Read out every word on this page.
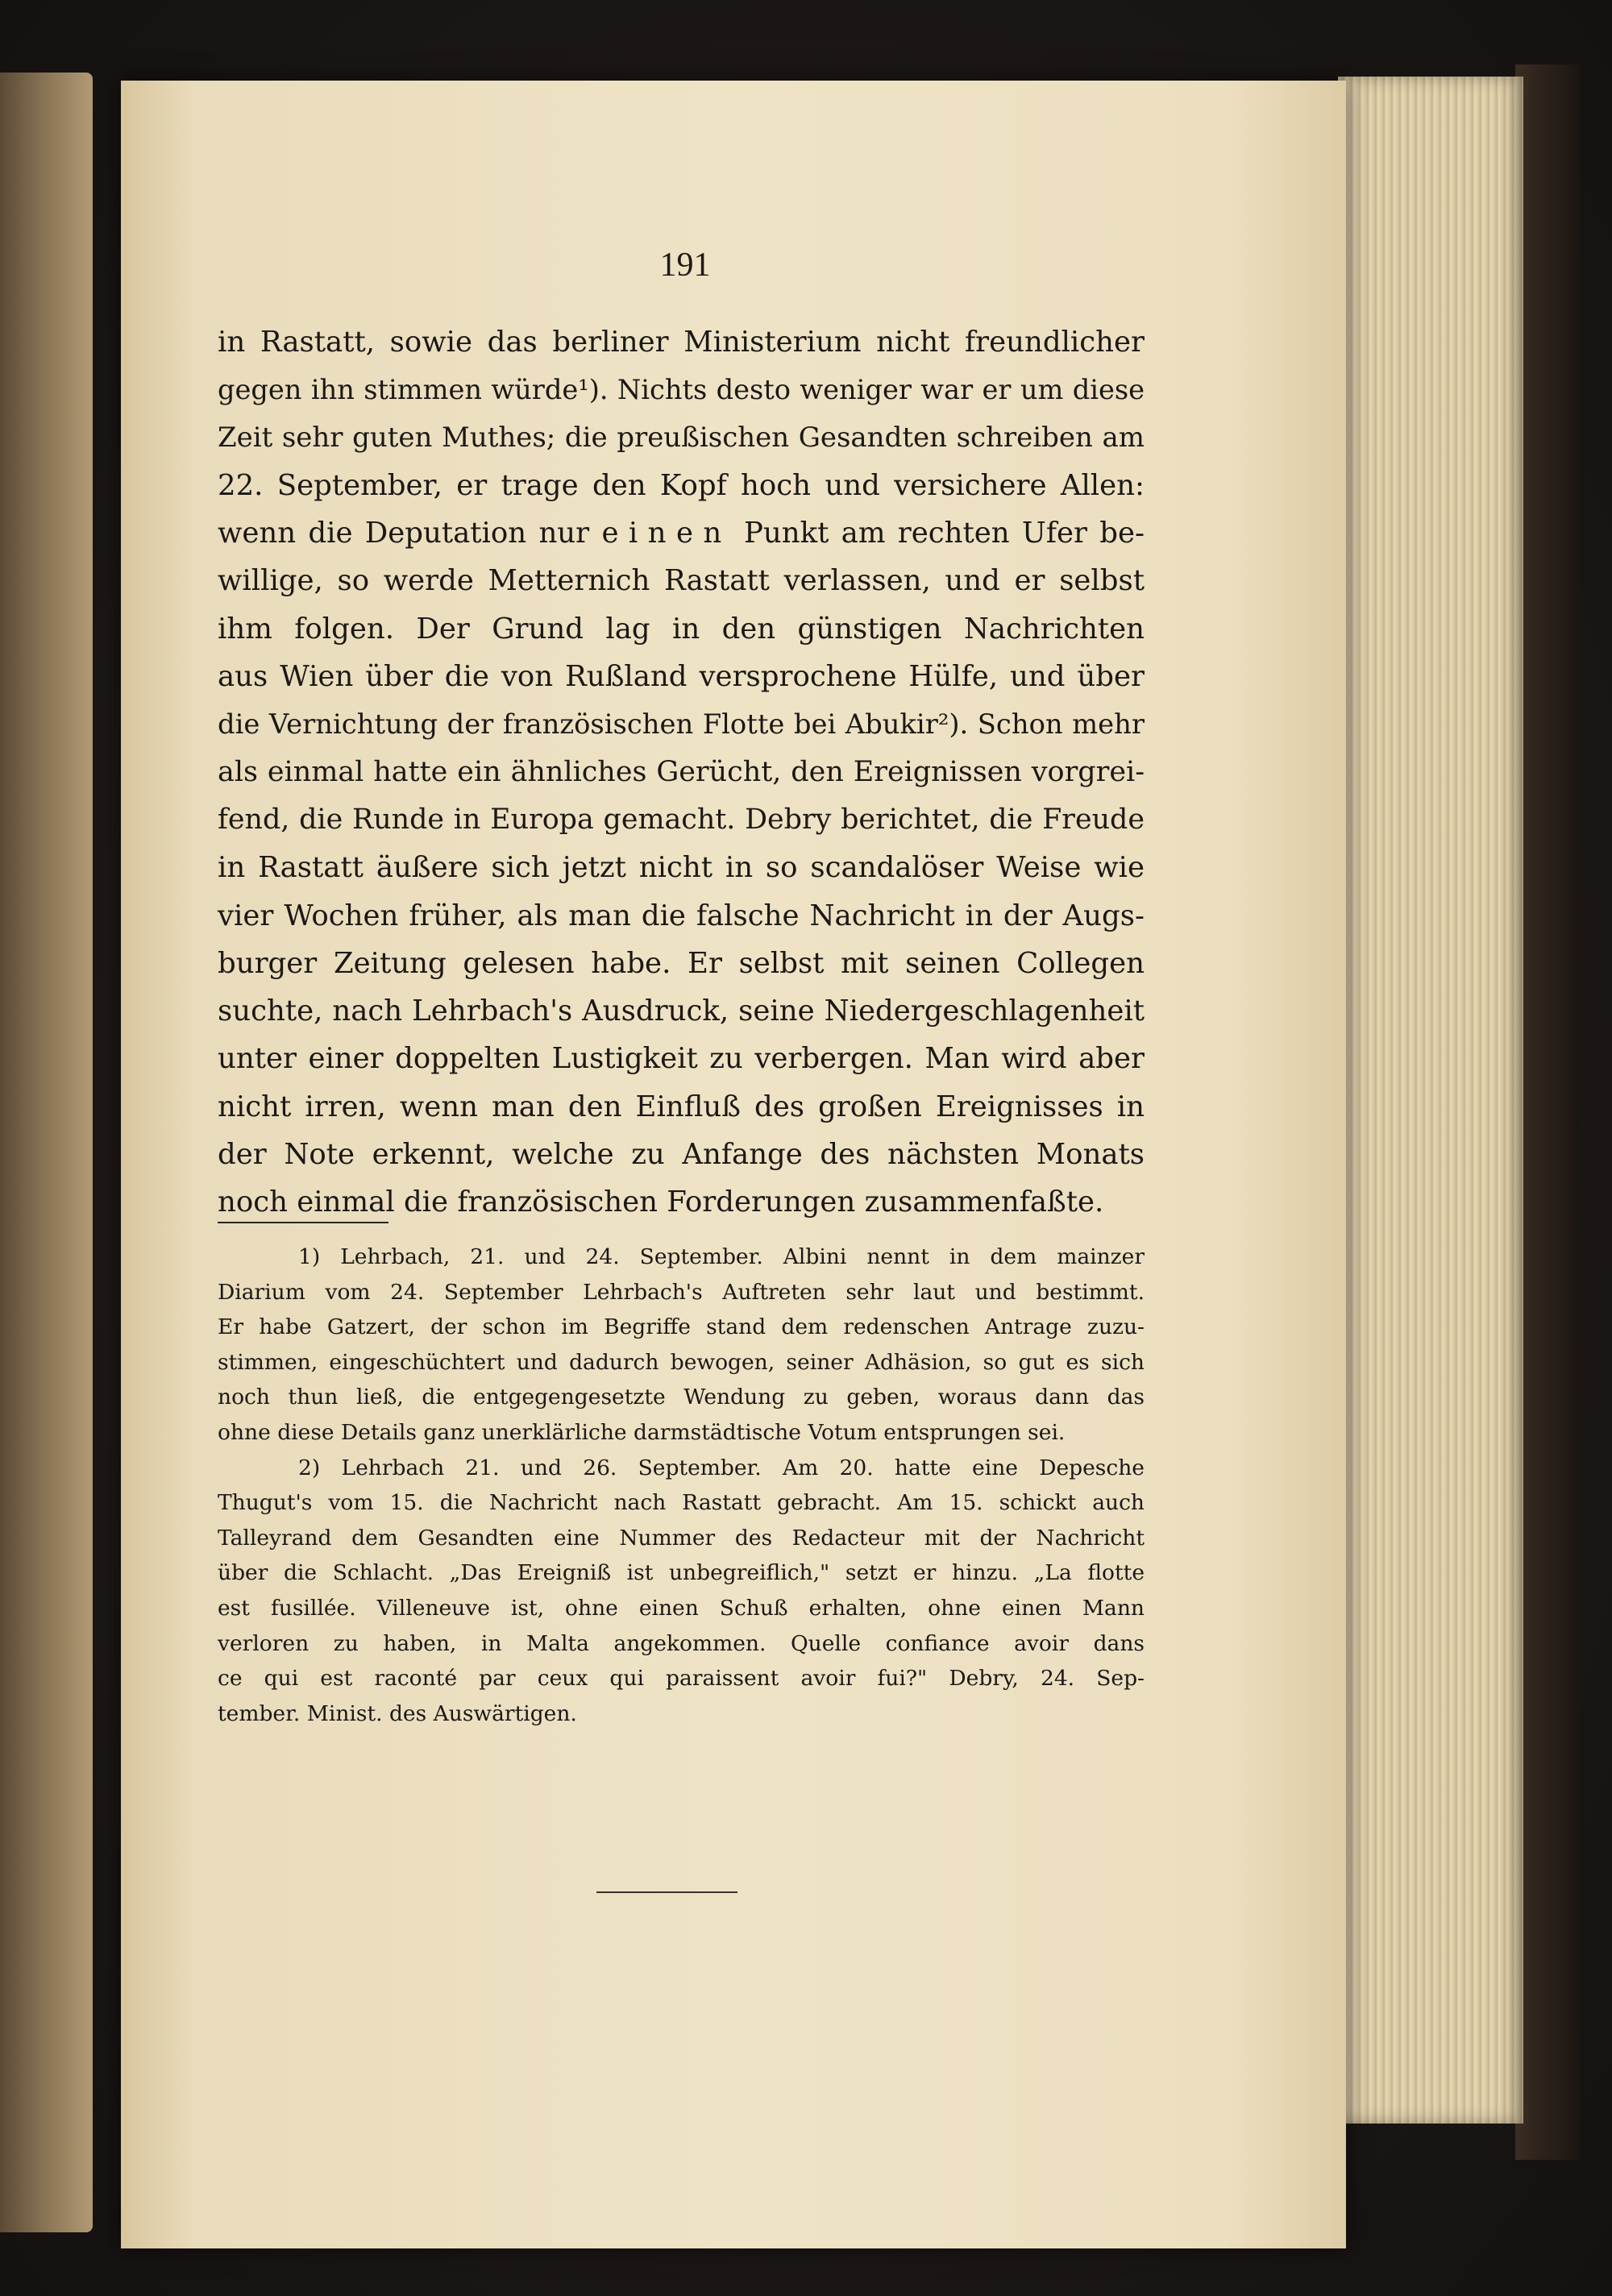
191
in Rastatt, sowie das berliner Ministerium nicht freundlicher
gegen ihn stimmen würde¹). Nichts desto weniger war er um diese
Zeit sehr guten Muthes; die preußischen Gesandten schreiben am
22. September, er trage den Kopf hoch und versichere Allen:
wenn die Deputation nur einen Punkt am rechten Ufer be-
willige, so werde Metternich Rastatt verlassen, und er selbst
ihm folgen. Der Grund lag in den günstigen Nachrichten
aus Wien über die von Rußland versprochene Hülfe, und über
die Vernichtung der französischen Flotte bei Abukir²). Schon mehr
als einmal hatte ein ähnliches Gerücht, den Ereignissen vorgrei-
fend, die Runde in Europa gemacht. Debry berichtet, die Freude
in Rastatt äußere sich jetzt nicht in so scandalöser Weise wie
vier Wochen früher, als man die falsche Nachricht in der Augs-
burger Zeitung gelesen habe. Er selbst mit seinen Collegen
suchte, nach Lehrbach's Ausdruck, seine Niedergeschlagenheit
unter einer doppelten Lustigkeit zu verbergen. Man wird aber
nicht irren, wenn man den Einfluß des großen Ereignisses in
der Note erkennt, welche zu Anfange des nächsten Monats
noch einmal die französischen Forderungen zusammenfaßte.
1) Lehrbach, 21. und 24. September. Albini nennt in dem mainzer
Diarium vom 24. September Lehrbach's Auftreten sehr laut und bestimmt.
Er habe Gatzert, der schon im Begriffe stand dem redenschen Antrage zuzu-
stimmen, eingeschüchtert und dadurch bewogen, seiner Adhäsion, so gut es sich
noch thun ließ, die entgegengesetzte Wendung zu geben, woraus dann das
ohne diese Details ganz unerklärliche darmstädtische Votum entsprungen sei.
2) Lehrbach 21. und 26. September. Am 20. hatte eine Depesche
Thugut's vom 15. die Nachricht nach Rastatt gebracht. Am 15. schickt auch
Talleyrand dem Gesandten eine Nummer des Redacteur mit der Nachricht
über die Schlacht. „Das Ereigniß ist unbegreiflich," setzt er hinzu. „La flotte
est fusillée. Villeneuve ist, ohne einen Schuß erhalten, ohne einen Mann
verloren zu haben, in Malta angekommen. Quelle confiance avoir dans
ce qui est raconté par ceux qui paraissent avoir fui?" Debry, 24. Sep-
tember. Minist. des Auswärtigen.
